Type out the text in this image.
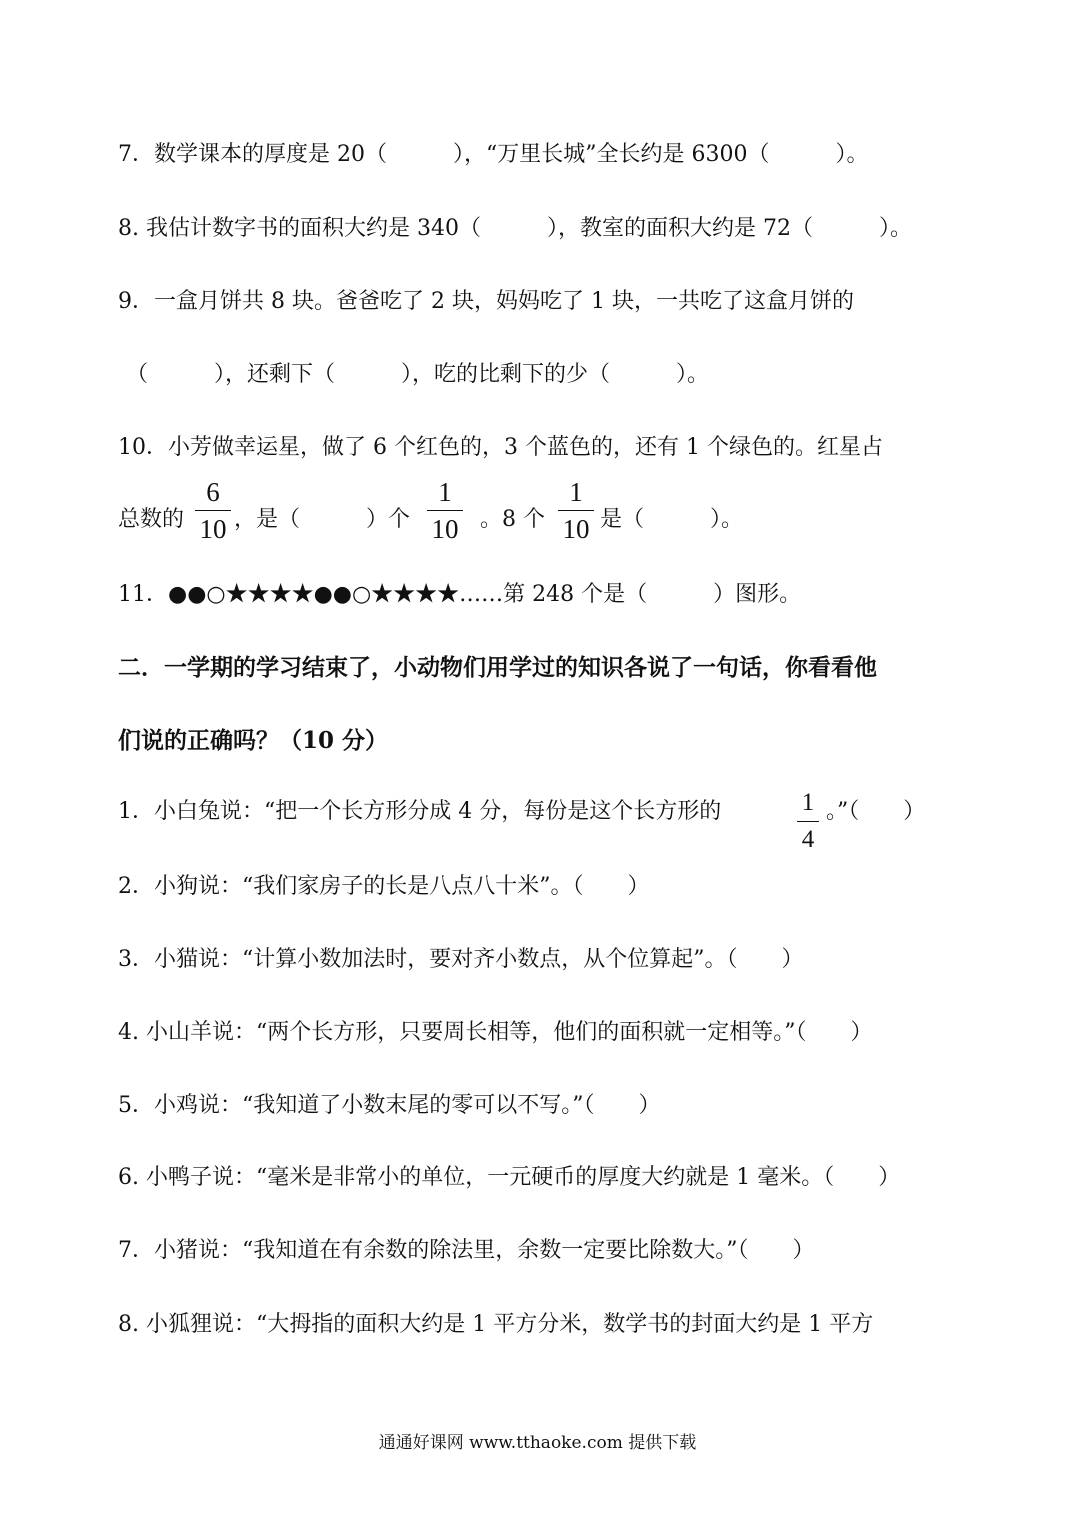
7．数学课本的厚度是 20（　　　），“万里长城”全长约是 6300（　　　）。
8. 我估计数字书的面积大约是 340（　　　），教室的面积大约是 72（　　　）。
9．一盒月饼共 8 块。爸爸吃了 2 块，妈妈吃了 1 块，一共吃了这盒月饼的
（　　　），还剩下（　　　），吃的比剩下的少（　　　）。
10．小芳做幸运星，做了 6 个红色的，3 个蓝色的，还有 1 个绿色的。红星占
总数的
6
10 ，是（　　　）个
1
10 。8 个
1
10 是（　　　）。
11．●●○★★★★●●○★★★★……第 248 个是（　　　）图形。
二．一学期的学习结束了，小动物们用学过的知识各说了一句话，你看看他
们说的正确吗？（10 分）
1．小白兔说：“把一个长方形分成 4 分，每份是这个长方形的	1
4
。”（　　）
2．小狗说：“我们家房子的长是八点八十米”。（　　）
3．小猫说：“计算小数加法时，要对齐小数点，从个位算起”。（　　）
4. 小山羊说：“两个长方形，只要周长相等，他们的面积就一定相等。”（　　）
5．小鸡说：“我知道了小数末尾的零可以不写。”（　　）
6. 小鸭子说：“毫米是非常小的单位，一元硬币的厚度大约就是 1 毫米。（　　）
7．小猪说：“我知道在有余数的除法里，余数一定要比除数大。”（　　）
8. 小狐狸说：“大拇指的面积大约是 1 平方分米，数学书的封面大约是 1 平方
通通好课网 www.tthaoke.com 提供下载
